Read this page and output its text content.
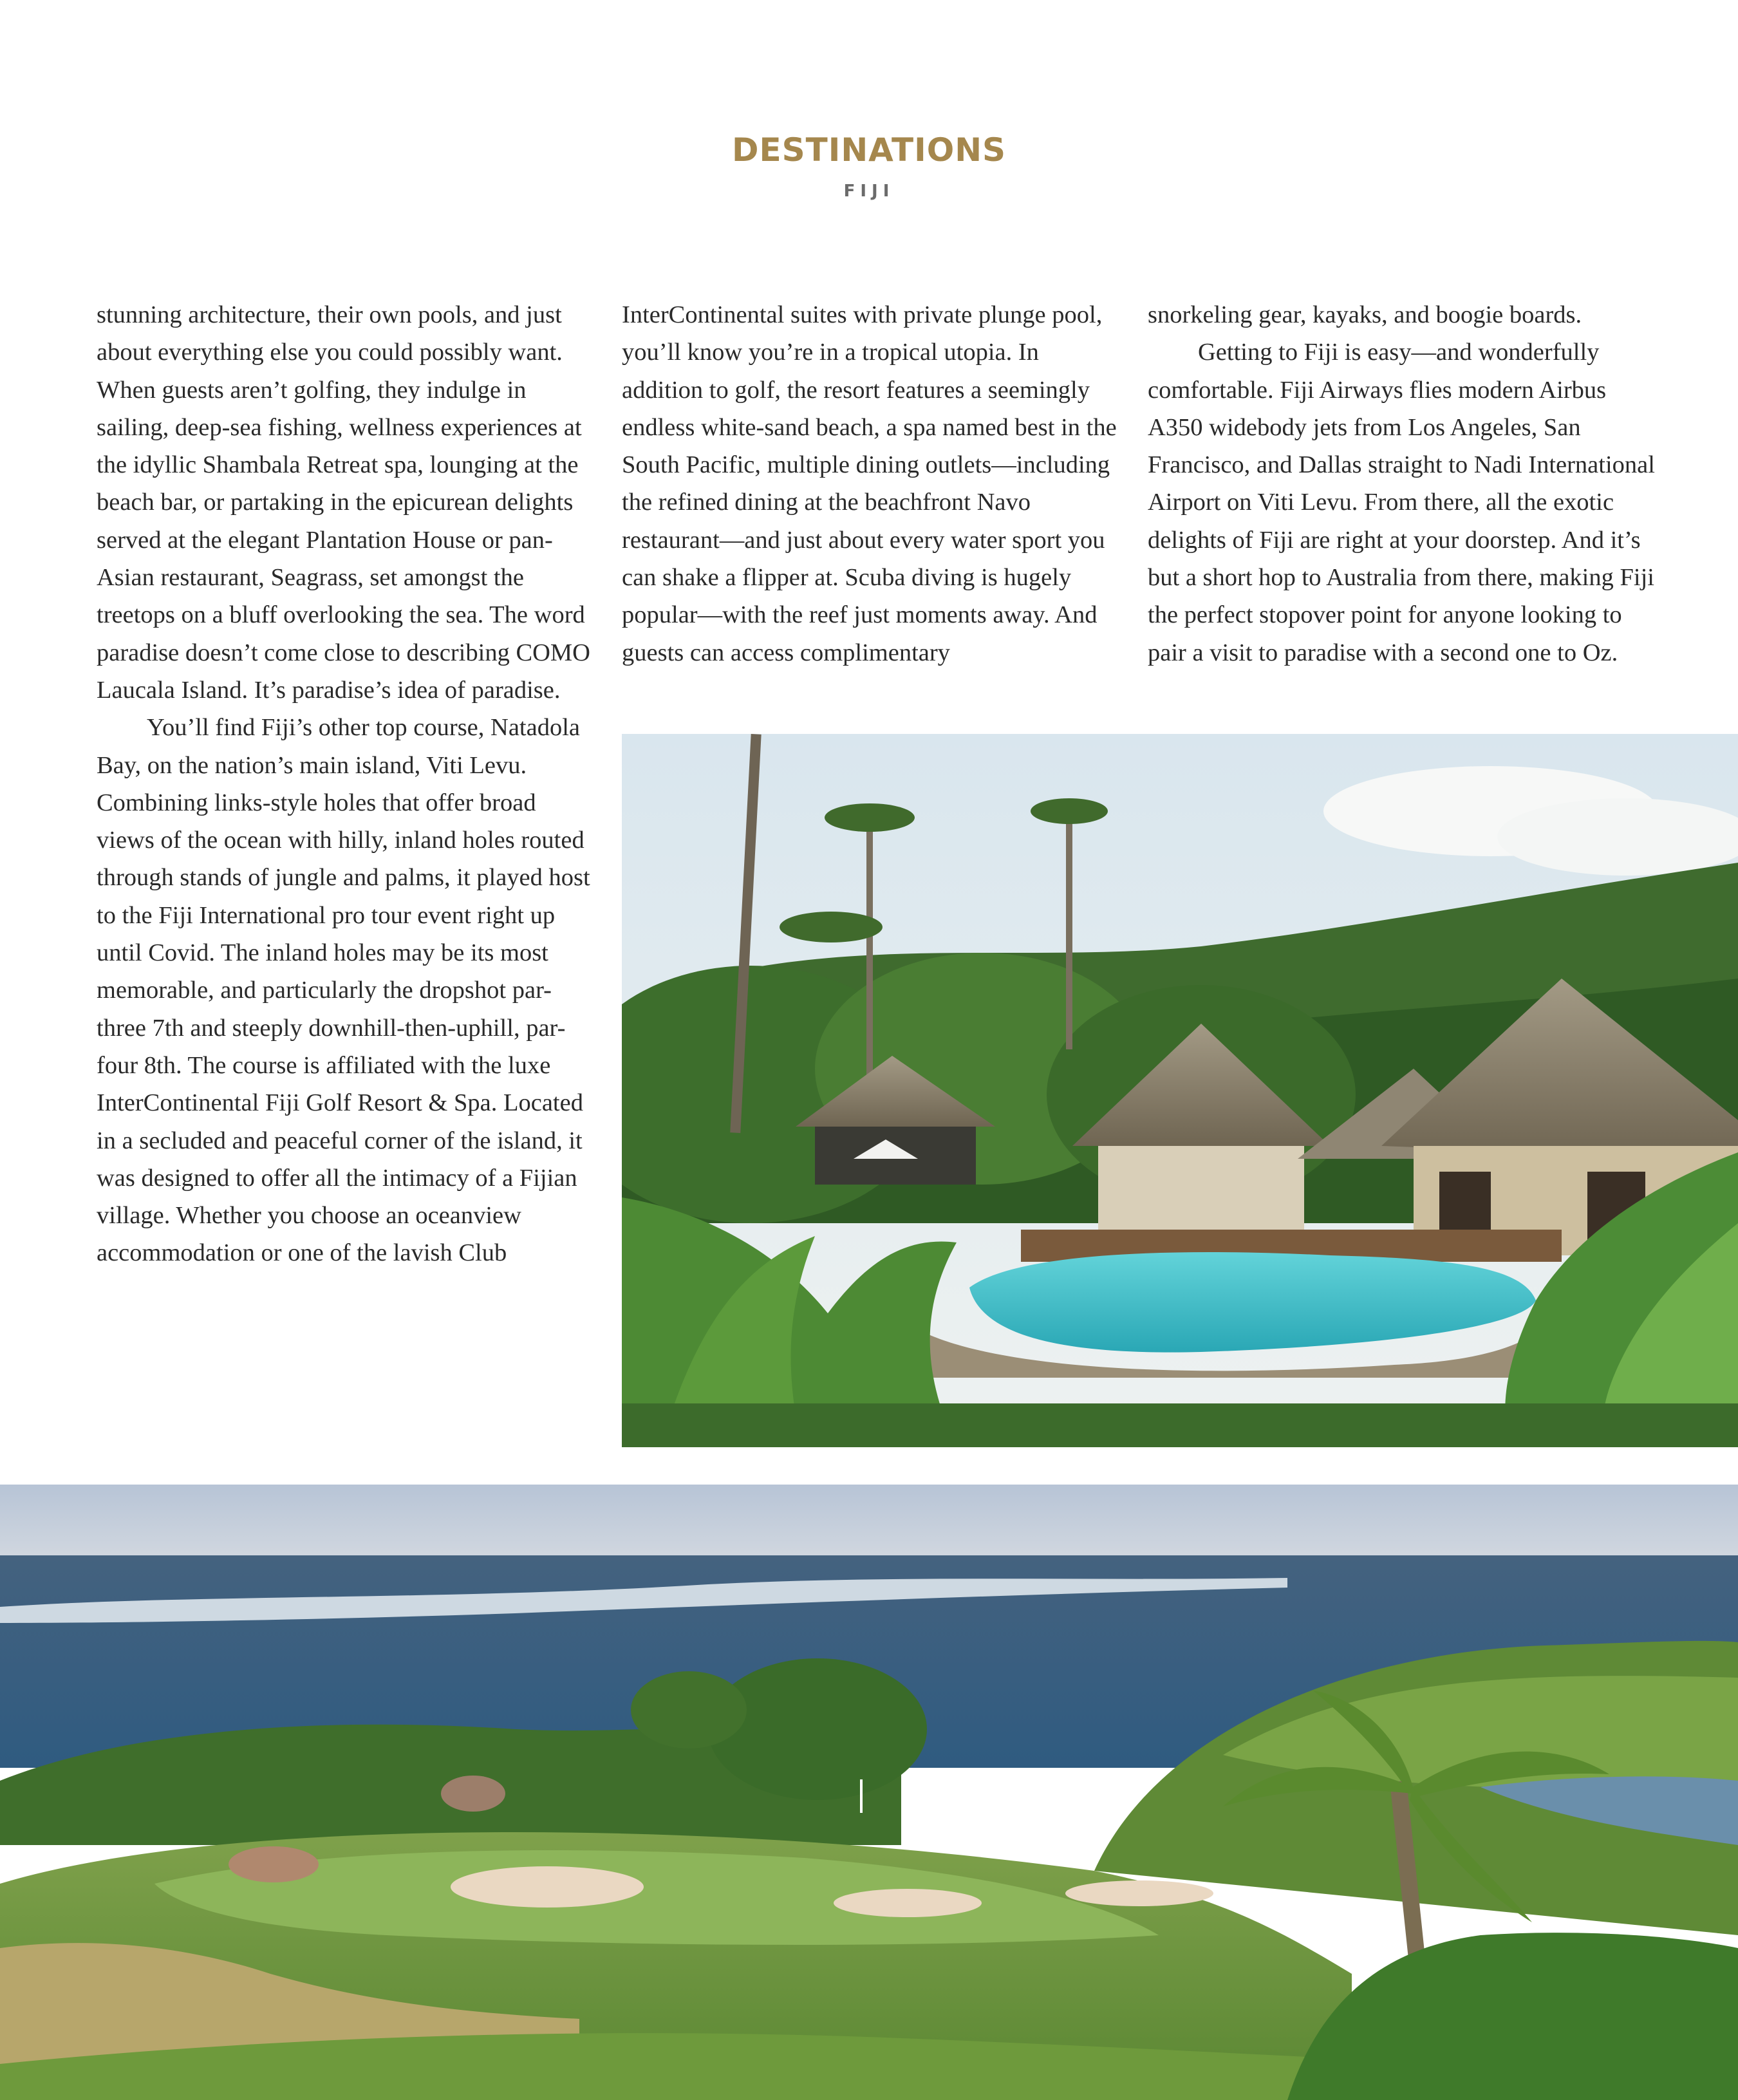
DESTINATIONS
FIJI

stunning architecture, their own pools, and just about everything else you could possibly want. When guests aren’t golfing, they indulge in sailing, deep-sea fishing, wellness experiences at the idyllic Shambala Retreat spa, lounging at the beach bar, or partaking in the epicurean delights served at the elegant Plantation House or pan-Asian restaurant, Seagrass, set amongst the treetops on a bluff overlooking the sea. The word paradise doesn’t come close to describing COMO Laucala Island. It’s paradise’s idea of paradise.

You’ll find Fiji’s other top course, Natadola Bay, on the nation’s main island, Viti Levu. Combining links-style holes that offer broad views of the ocean with hilly, inland holes routed through stands of jungle and palms, it played host to the Fiji International pro tour event right up until Covid. The inland holes may be its most memorable, and particularly the dropshot par-three 7th and steeply downhill-then-uphill, par-four 8th. The course is affiliated with the luxe InterContinental Fiji Golf Resort & Spa. Located in a secluded and peaceful corner of the island, it was designed to offer all the intimacy of a Fijian village. Whether you choose an oceanview accommodation or one of the lavish Club

InterContinental suites with private plunge pool, you’ll know you’re in a tropical utopia. In addition to golf, the resort features a seemingly endless white-sand beach, a spa named best in the South Pacific, multiple dining outlets—including the refined dining at the beachfront Navo restaurant—and just about every water sport you can shake a flipper at. Scuba diving is hugely popular—with the reef just moments away. And guests can access complimentary

snorkeling gear, kayaks, and boogie boards.

Getting to Fiji is easy—and wonderfully comfortable. Fiji Airways flies modern Airbus A350 widebody jets from Los Angeles, San Francisco, and Dallas straight to Nadi International Airport on Viti Levu. From there, all the exotic delights of Fiji are right at your doorstep. And it’s but a short hop to Australia from there, making Fiji the perfect stopover point for anyone looking to pair a visit to paradise with a second one to Oz.
